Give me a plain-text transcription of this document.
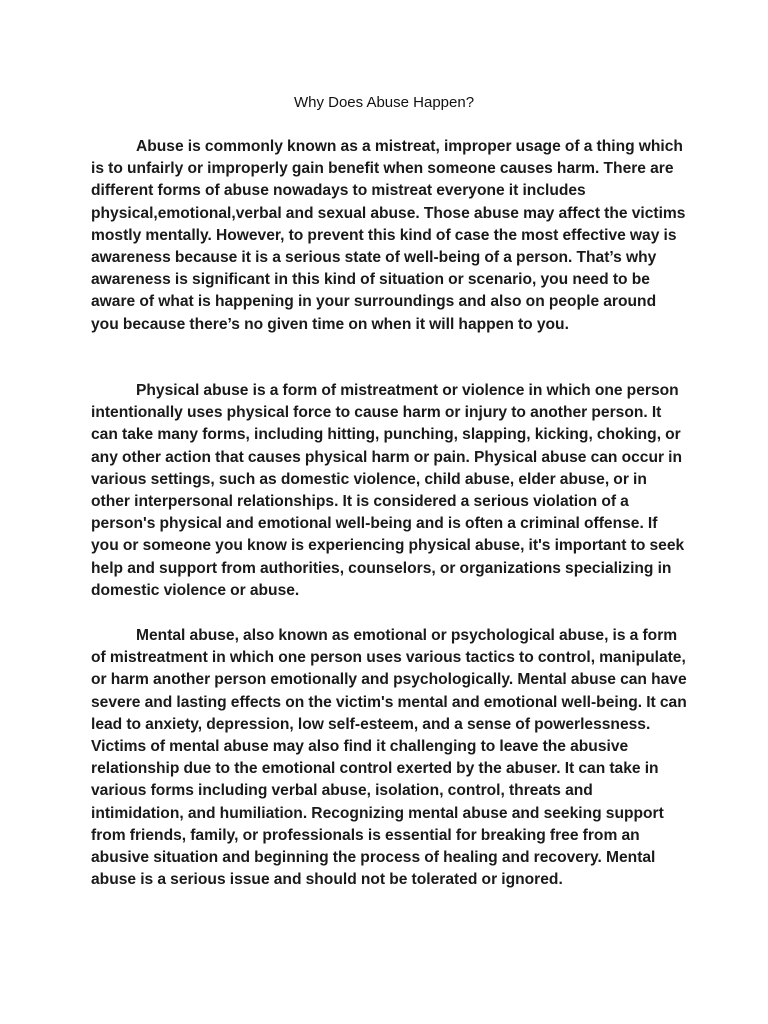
Why Does Abuse Happen?

Abuse is commonly known as a mistreat, improper usage of a thing which is to unfairly or improperly gain benefit when someone causes harm. There are different forms of abuse nowadays to mistreat everyone it includes physical,emotional,verbal and sexual abuse. Those abuse may affect the victims mostly mentally. However, to prevent this kind of case the most effective way is awareness because it is a serious state of well-being of a person. That’s why awareness is significant in this kind of situation or scenario, you need to be aware of what is happening in your surroundings and also on people around you because there’s no given time on when it will happen to you.

Physical abuse is a form of mistreatment or violence in which one person intentionally uses physical force to cause harm or injury to another person. It can take many forms, including hitting, punching, slapping, kicking, choking, or any other action that causes physical harm or pain. Physical abuse can occur in various settings, such as domestic violence, child abuse, elder abuse, or in other interpersonal relationships. It is considered a serious violation of a person's physical and emotional well-being and is often a criminal offense. If you or someone you know is experiencing physical abuse, it's important to seek help and support from authorities, counselors, or organizations specializing in domestic violence or abuse.

Mental abuse, also known as emotional or psychological abuse, is a form of mistreatment in which one person uses various tactics to control, manipulate, or harm another person emotionally and psychologically. Mental abuse can have severe and lasting effects on the victim's mental and emotional well-being. It can lead to anxiety, depression, low self-esteem, and a sense of powerlessness. Victims of mental abuse may also find it challenging to leave the abusive relationship due to the emotional control exerted by the abuser. It can take in various forms including verbal abuse, isolation, control, threats and intimidation, and humiliation. Recognizing mental abuse and seeking support from friends, family, or professionals is essential for breaking free from an abusive situation and beginning the process of healing and recovery. Mental abuse is a serious issue and should not be tolerated or ignored.
